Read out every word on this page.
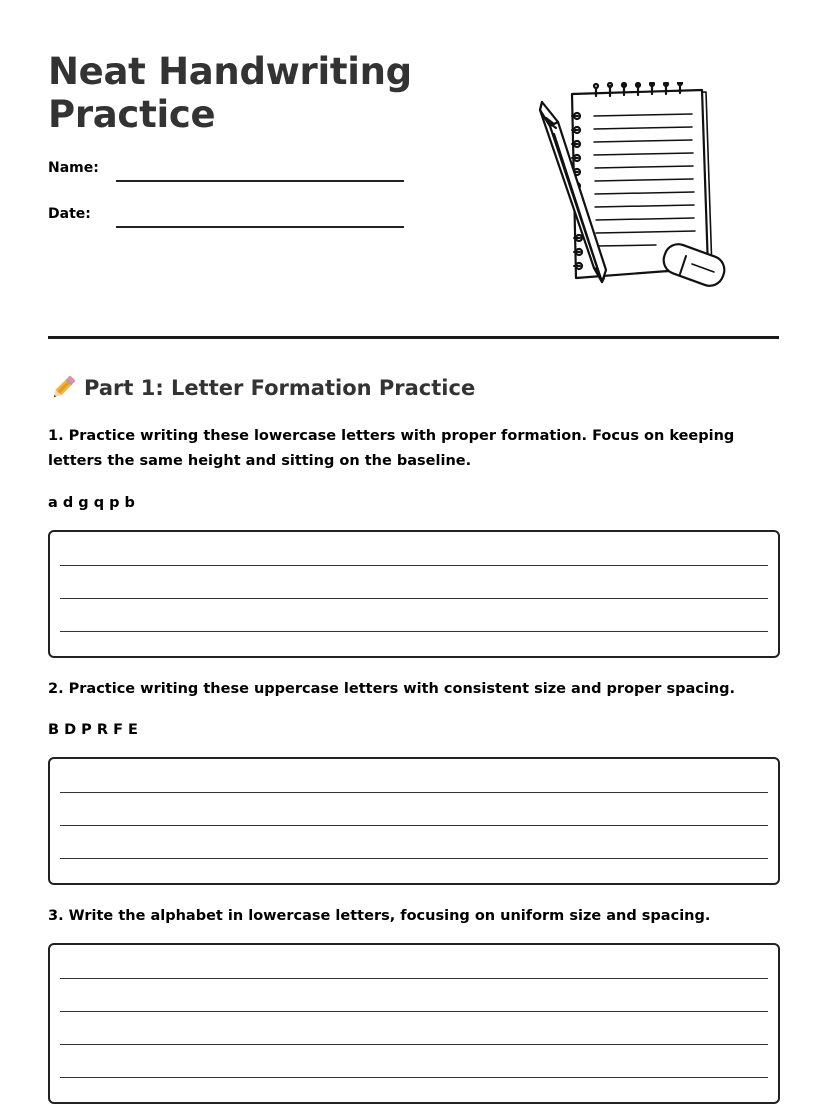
Neat Handwriting
Practice
Name:
Date:
Part 1: Letter Formation Practice

1. Practice writing these lowercase letters with proper formation. Focus on keeping letters the same height and sitting on the baseline.

a d g q p b

2. Practice writing these uppercase letters with consistent size and proper spacing.

B D P R F E

3. Write the alphabet in lowercase letters, focusing on uniform size and spacing.
